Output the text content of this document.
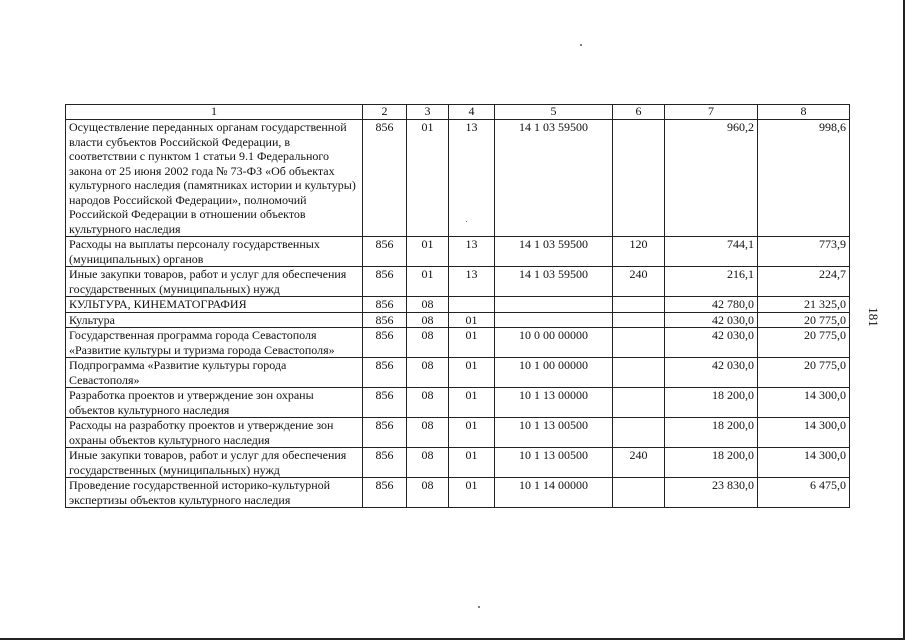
1	2	3	4	5	6	7	8
Осуществление переданных органам государственной власти субъектов Российской Федерации, в соответствии с пунктом 1 статьи 9.1 Федерального закона от 25 июня 2002 года № 73-ФЗ «Об объектах культурного наследия (памятниках истории и культуры) народов Российской Федерации», полномочий Российской Федерации в отношении объектов культурного наследия	856	01	13	14 1 03 59500		960,2	998,6
Расходы на выплаты персоналу государственных (муниципальных) органов	856	01	13	14 1 03 59500	120	744,1	773,9
Иные закупки товаров, работ и услуг для обеспечения государственных (муниципальных) нужд	856	01	13	14 1 03 59500	240	216,1	224,7
КУЛЬТУРА, КИНЕМАТОГРАФИЯ	856	08				42 780,0	21 325,0
Культура	856	08	01			42 030,0	20 775,0
Государственная программа города Севастополя «Развитие культуры и туризма города Севастополя»	856	08	01	10 0 00 00000		42 030,0	20 775,0
Подпрограмма «Развитие культуры города Севастополя»	856	08	01	10 1 00 00000		42 030,0	20 775,0
Разработка проектов и утверждение зон охраны объектов культурного наследия	856	08	01	10 1 13 00000		18 200,0	14 300,0
Расходы на разработку проектов и утверждение зон охраны объектов культурного наследия	856	08	01	10 1 13 00500		18 200,0	14 300,0
Иные закупки товаров, работ и услуг для обеспечения государственных (муниципальных) нужд	856	08	01	10 1 13 00500	240	18 200,0	14 300,0
Проведение государственной историко-культурной экспертизы объектов культурного наследия	856	08	01	10 1 14 00000		23 830,0	6 475,0
181
